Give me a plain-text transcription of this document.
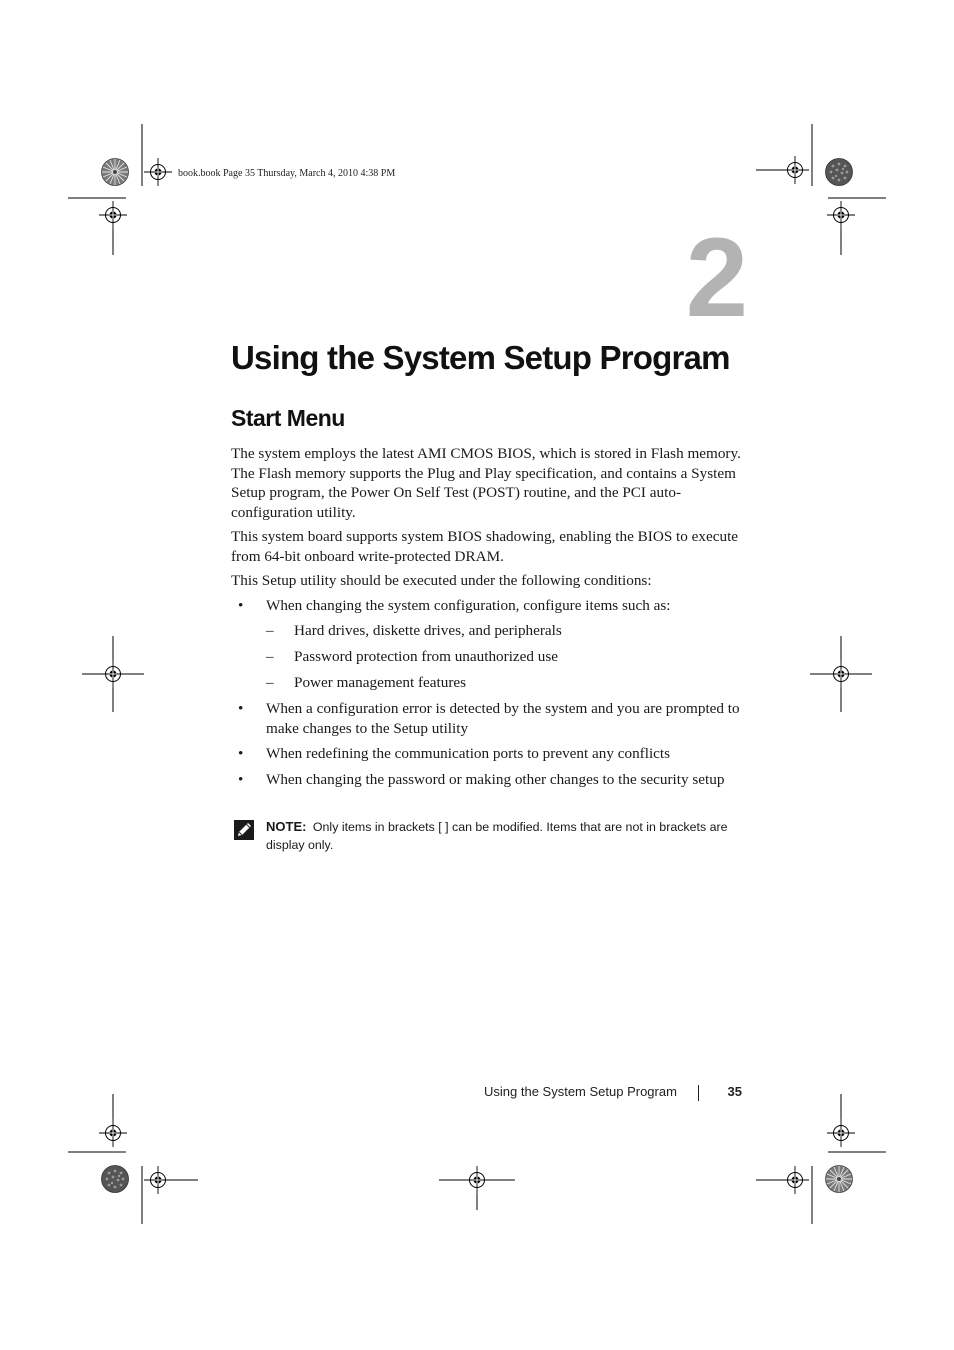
book.book Page 35 Thursday, March 4, 2010 4:38 PM
2
Using the System Setup Program
Start Menu

The system employs the latest AMI CMOS BIOS, which is stored in Flash memory. The Flash memory supports the Plug and Play specification, and contains a System Setup program, the Power On Self Test (POST) routine, and the PCI auto-configuration utility.

This system board supports system BIOS shadowing, enabling the BIOS to execute from 64-bit onboard write-protected DRAM.

This Setup utility should be executed under the following conditions:

• When changing the system configuration, configure items such as:
– Hard drives, diskette drives, and peripherals
– Password protection from unauthorized use
– Power management features
• When a configuration error is detected by the system and you are prompted to make changes to the Setup utility
• When redefining the communication ports to prevent any conflicts
• When changing the password or making other changes to the security setup
NOTE: Only items in brackets [ ] can be modified. Items that are not in brackets are display only.
Using the System Setup Program	35
